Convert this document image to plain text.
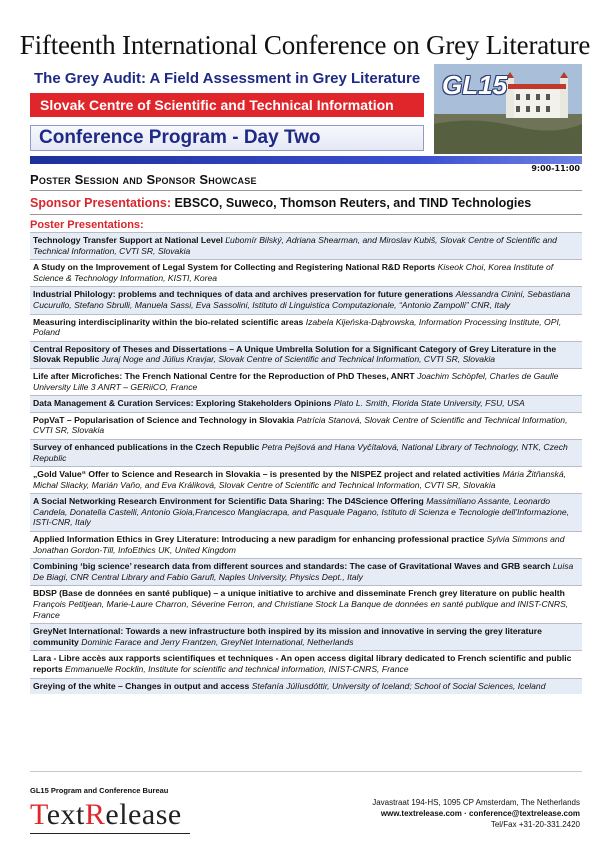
Fifteenth International Conference on Grey Literature
The Grey Audit: A Field Assessment in Grey Literature
Slovak Centre of Scientific and Technical Information
Conference Program - Day Two
GL15
9:00-11:00
Poster Session and Sponsor Showcase
Sponsor Presentations: EBSCO, Suweco, Thomson Reuters, and TIND Technologies
Poster Presentations:
Technology Transfer Support at National Level Ľubomír Bilský, Adriana Shearman, and Miroslav Kubiš, Slovak Centre of Scientific and Technical Information, CVTI SR, Slovakia
A Study on the Improvement of Legal System for Collecting and Registering National R&D Reports Kiseok Choi, Korea Institute of Science & Technology Information, KISTI, Korea
Industrial Philology: problems and techniques of data and archives preservation for future generations Alessandra Cinini, Sebastiana Cucurullo, Stefano Sbrulli, Manuela Sassi, Eva Sassolini, Istituto di Linguistica Computazionale, “Antonio Zampolli” CNR, Italy
Measuring interdisciplinarity within the bio-related scientific areas Izabela Kijeńska-Dąbrowska, Information Processing Institute, OPI, Poland
Central Repository of Theses and Dissertations – A Unique Umbrella Solution for a Significant Category of Grey Literature in the Slovak Republic Juraj Noge and Július Kravjar, Slovak Centre of Scientific and Technical Information, CVTI SR, Slovakia
Life after Microfiches: The French National Centre for the Reproduction of PhD Theses, ANRT Joachim Schöpfel, Charles de Gaulle University Lille 3 ANRT – GERiiCO, France
Data Management & Curation Services: Exploring Stakeholders Opinions Plato L. Smith, Florida State University, FSU, USA
PopVaT – Popularisation of Science and Technology in Slovakia Patrícia Stanová, Slovak Centre of Scientific and Technical Information, CVTI SR, Slovakia
Survey of enhanced publications in the Czech Republic Petra Pejšová and Hana Vyčítalová, National Library of Technology, NTK, Czech Republic
„Gold Value“ Offer to Science and Research in Slovakia – is presented by the NISPEZ project and related activities Mária Žitňanská, Michal Sliacky, Marián Vaňo, and Eva Králiková, Slovak Centre of Scientific and Technical Information, CVTI SR, Slovakia
A Social Networking Research Environment for Scientific Data Sharing: The D4Science Offering Massimiliano Assante, Leonardo Candela, Donatella Castelli, Antonio Gioia,Francesco Mangiacrapa, and Pasquale Pagano, Istituto di Scienza e Tecnologie dell'Informazione, ISTI-CNR, Italy
Applied Information Ethics in Grey Literature: Introducing a new paradigm for enhancing professional practice Sylvia Simmons and Jonathan Gordon-Till, InfoEthics UK, United Kingdom
Combining ‘big science’ research data from different sources and standards: The case of Gravitational Waves and GRB search Luisa De Biagi, CNR Central Library and Fabio Garufi, Naples University, Physics Dept., Italy
BDSP (Base de données en santé publique) – a unique initiative to archive and disseminate French grey literature on public health François Petitjean, Marie-Laure Charron, Séverine Ferron, and Christiane Stock La Banque de données en santé publique and INIST-CNRS, France
GreyNet International: Towards a new infrastructure both inspired by its mission and innovative in serving the grey literature community Dominic Farace and Jerry Frantzen, GreyNet International, Netherlands
Lara - Libre accès aux rapports scientifiques et techniques - An open access digital library dedicated to French scientific and public reports Emmanuelle Rocklin, Institute for scientific and technical information, INIST-CNRS, France
Greying of the white – Changes in output and access Stefanía Júlíusdóttir, University of Iceland; School of Social Sciences, Iceland
GL15 Program and Conference Bureau
TextRelease	Javastraat 194-HS, 1095 CP Amsterdam, The Netherlands
www.textrelease.com · conference@textrelease.com
Tel/Fax +31-20-331.2420
